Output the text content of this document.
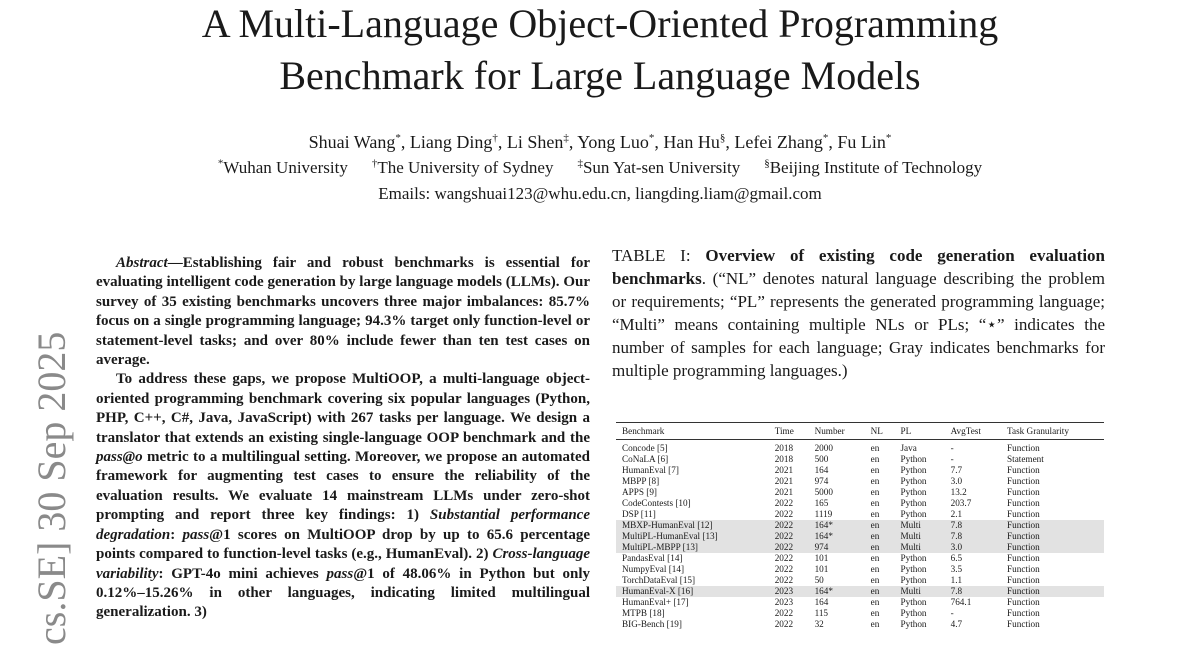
A Multi-Language Object-Oriented Programming
Benchmark for Large Language Models
Shuai Wang*, Liang Ding†, Li Shen‡, Yong Luo*, Han Hu§, Lefei Zhang*, Fu Lin*
*Wuhan University †The University of Sydney ‡Sun Yat-sen University §Beijing Institute of Technology
Emails: wangshuai123@whu.edu.cn, liangding.liam@gmail.com
cs.SE] 30 Sep 2025

Abstract—Establishing fair and robust benchmarks is essential for evaluating intelligent code generation by large language models (LLMs). Our survey of 35 existing benchmarks uncovers three major imbalances: 85.7% focus on a single programming language; 94.3% target only function-level or statement-level tasks; and over 80% include fewer than ten test cases on average.

To address these gaps, we propose MultiOOP, a multi-language object-oriented programming benchmark covering six popular languages (Python, PHP, C++, C#, Java, JavaScript) with 267 tasks per language. We design a translator that extends an existing single-language OOP benchmark and the pass@o metric to a multilingual setting. Moreover, we propose an automated framework for augmenting test cases to ensure the reliability of the evaluation results. We evaluate 14 mainstream LLMs under zero-shot prompting and report three key findings: 1) Substantial performance degradation: pass@1 scores on MultiOOP drop by up to 65.6 percentage points compared to function-level tasks (e.g., HumanEval). 2) Cross-language variability: GPT-4o mini achieves pass@1 of 48.06% in Python but only 0.12%–15.26% in other languages, indicating limited multilingual generalization. 3)

TABLE I: Overview of existing code generation evaluation benchmarks. (“NL” denotes natural language describing the problem or requirements; “PL” represents the generated programming language; “Multi” means containing multiple NLs or PLs; “⋆” indicates the number of samples for each language; Gray indicates benchmarks for multiple programming languages.)
Benchmark	Time	Number	NL	PL	AvgTest	Task Granularity
Concode [5]	2018	2000	en	Java	-	Function
CoNaLA [6]	2018	500	en	Python	-	Statement
HumanEval [7]	2021	164	en	Python	7.7	Function
MBPP [8]	2021	974	en	Python	3.0	Function
APPS [9]	2021	5000	en	Python	13.2	Function
CodeContests [10]	2022	165	en	Python	203.7	Function
DSP [11]	2022	1119	en	Python	2.1	Function
MBXP-HumanEval [12]	2022	164*	en	Multi	7.8	Function
MultiPL-HumanEval [13]	2022	164*	en	Multi	7.8	Function
MultiPL-MBPP [13]	2022	974	en	Multi	3.0	Function
PandasEval [14]	2022	101	en	Python	6.5	Function
NumpyEval [14]	2022	101	en	Python	3.5	Function
TorchDataEval [15]	2022	50	en	Python	1.1	Function
HumanEval-X [16]	2023	164*	en	Multi	7.8	Function
HumanEval+ [17]	2023	164	en	Python	764.1	Function
MTPB [18]	2022	115	en	Python	-	Function
BIG-Bench [19]	2022	32	en	Python	4.7	Function
